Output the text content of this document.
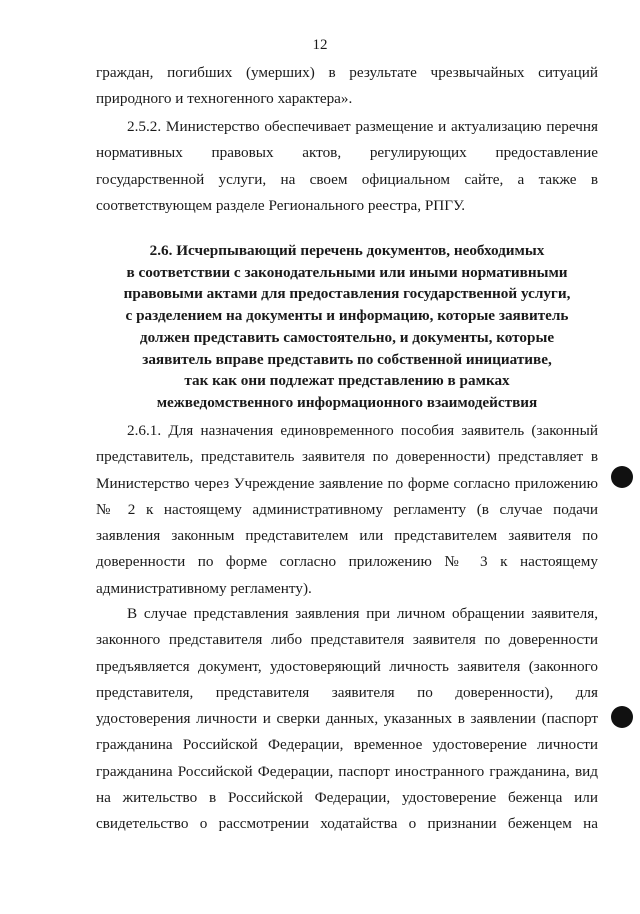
12
граждан, погибших (умерших) в результате чрезвычайных ситуаций
природного и техногенного характера».
2.5.2. Министерство обеспечивает размещение и актуализацию перечня
нормативных правовых актов, регулирующих предоставление
государственной услуги, на своем официальном сайте, а также в
соответствующем разделе Регионального реестра, РПГУ.
2.6. Исчерпывающий перечень документов, необходимых
в соответствии с законодательными или иными нормативными
правовыми актами для предоставления государственной услуги,
с разделением на документы и информацию, которые заявитель
должен представить самостоятельно, и документы, которые
заявитель вправе представить по собственной инициативе,
так как они подлежат представлению в рамках
межведомственного информационного взаимодействия
2.6.1. Для назначения единовременного пособия заявитель (законный
представитель, представитель заявителя по доверенности) представляет в
Министерство через Учреждение заявление по форме согласно приложению
№ 2 к настоящему административному регламенту (в случае подачи
заявления законным представителем или представителем заявителя по
доверенности по форме согласно приложению № 3 к настоящему
административному регламенту).
В случае представления заявления при личном обращении заявителя,
законного представителя либо представителя заявителя по доверенности
предъявляется документ, удостоверяющий личность заявителя (законного
представителя, представителя заявителя по доверенности), для
удостоверения личности и сверки данных, указанных в заявлении (паспорт
гражданина Российской Федерации, временное удостоверение личности
гражданина Российской Федерации, паспорт иностранного гражданина, вид
на жительство в Российской Федерации, удостоверение беженца или
свидетельство о рассмотрении ходатайства о признании беженцем на
